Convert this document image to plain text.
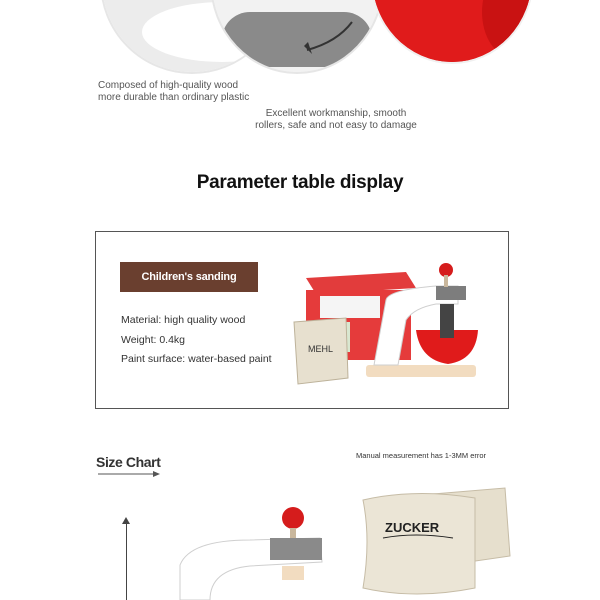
Composed of high-quality wood
more durable than ordinary plastic
Excellent workmanship, smooth
rollers, safe and not easy to damage
Parameter table display
Children's sanding machine
Material: high quality wood
Weight: 0.4kg
Paint surface: water-based paint
MEHL
Size Chart	Manual measurement has 1-3MM error
ZUCKER
